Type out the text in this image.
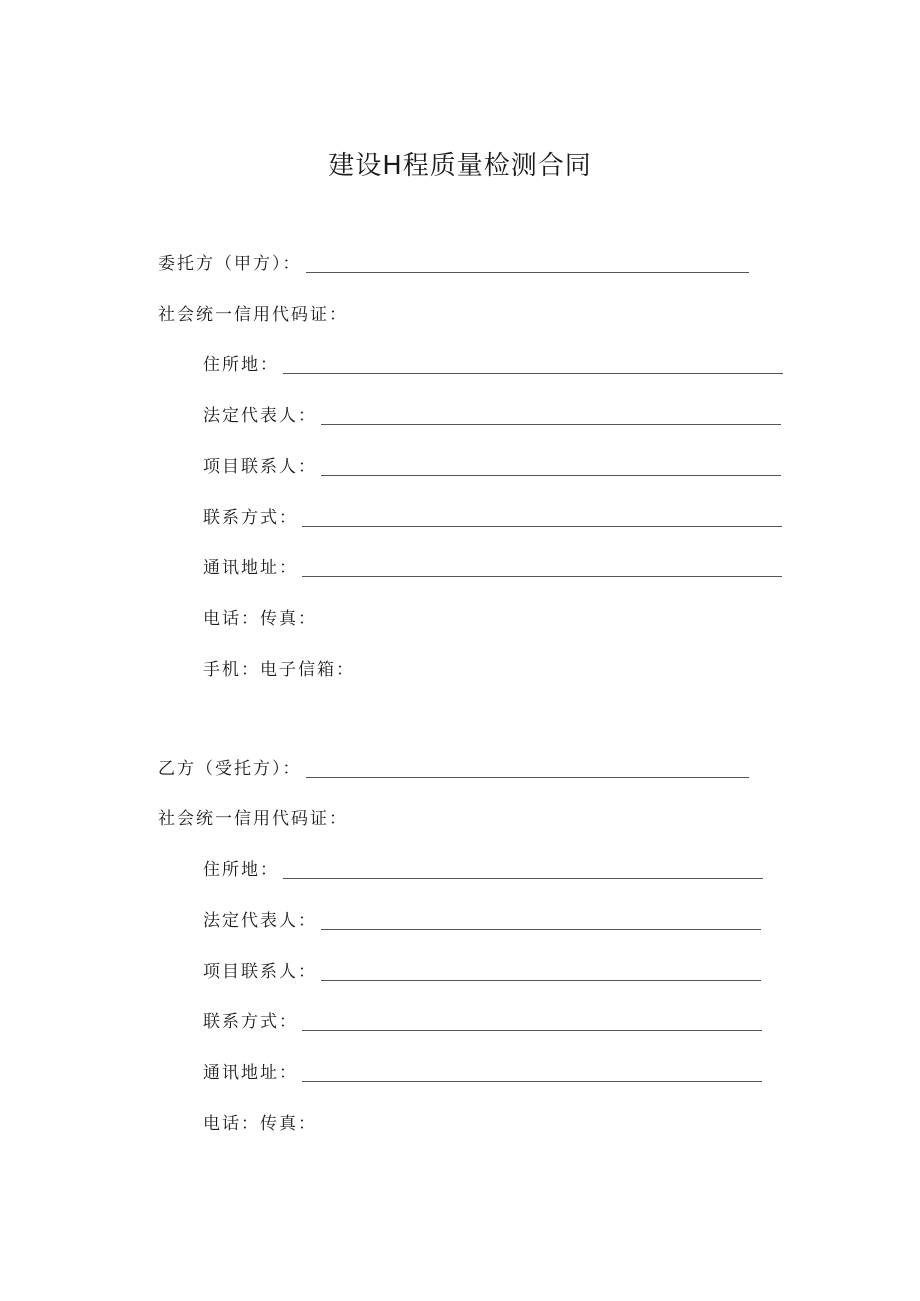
建设H程质量检测合同
委托方（甲方）：
社会统一信用代码证：
住所地：
法定代表人：
项目联系人：
联系方式：
通讯地址：
电话：传真：
手机：电子信箱：
乙方（受托方）：
社会统一信用代码证：
住所地：
法定代表人：
项目联系人：
联系方式：
通讯地址：
电话：传真：
